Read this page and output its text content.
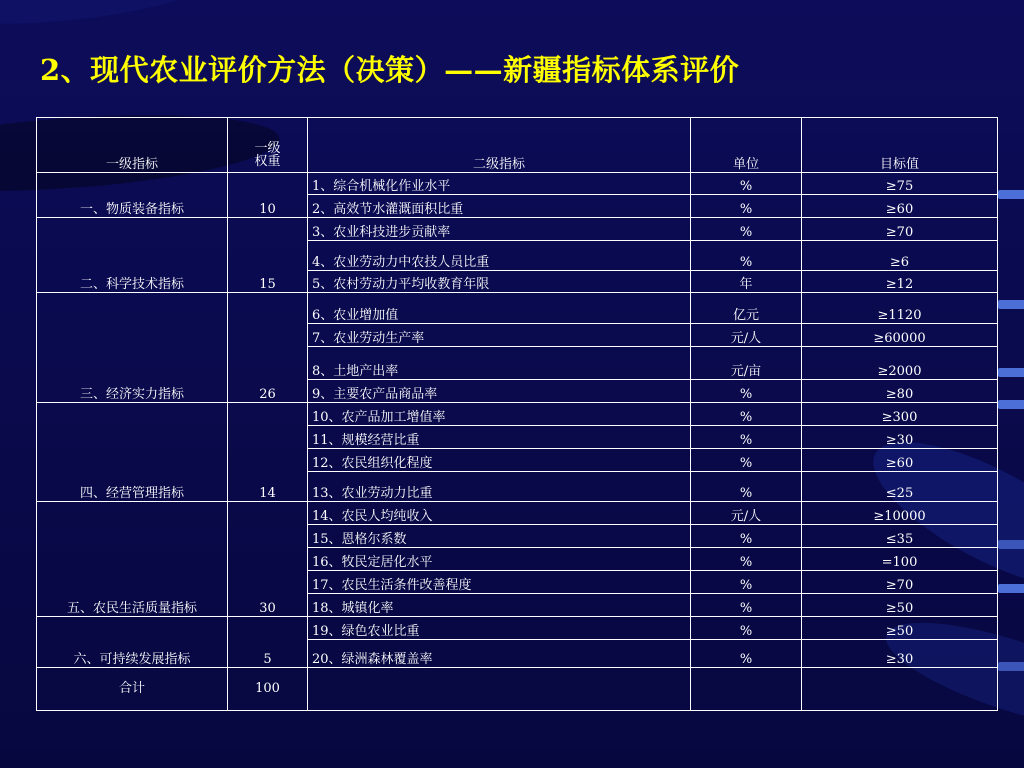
2、现代农业评价方法（决策）——新疆指标体系评价
一级指标	一级权重	二级指标	单位	目标值
一、物质装备指标	10	1、综合机械化作业水平	%	≥75
		2、高效节水灌溉面积比重	%	≥60
二、科学技术指标	15	3、农业科技进步贡献率	%	≥70
		4、农业劳动力中农技人员比重	%	≥6
		5、农村劳动力平均收教育年限	年	≥12
三、经济实力指标	26	6、农业增加值	亿元	≥1120
		7、农业劳动生产率	元/人	≥60000
		8、土地产出率	元/亩	≥2000
		9、主要农产品商品率	%	≥80
四、经营管理指标	14	10、农产品加工增值率	%	≥300
		11、规模经营比重	%	≥30
		12、农民组织化程度	%	≥60
		13、农业劳动力比重	%	≤25
五、农民生活质量指标	30	14、农民人均纯收入	元/人	≥10000
		15、恩格尔系数	%	≤35
		16、牧民定居化水平	%	=100
		17、农民生活条件改善程度	%	≥70
		18、城镇化率	%	≥50
六、可持续发展指标	5	19、绿色农业比重	%	≥50
		20、绿洲森林覆盖率	%	≥30
合计	100			
